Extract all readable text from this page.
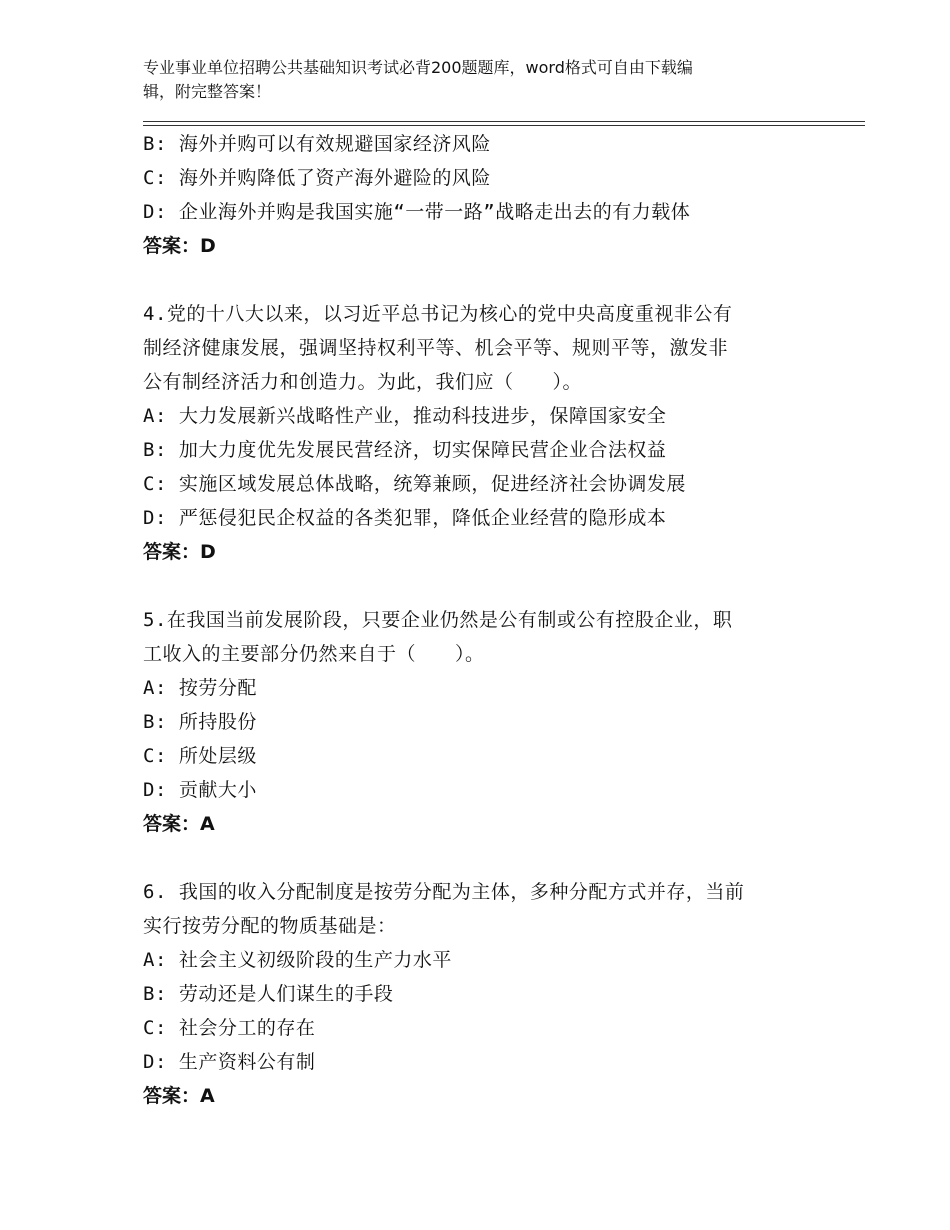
专业事业单位招聘公共基础知识考试必背200题题库，word格式可自由下载编
辑，附完整答案！
B: 海外并购可以有效规避国家经济风险
C: 海外并购降低了资产海外避险的风险
D: 企业海外并购是我国实施“一带一路”战略走出去的有力载体
答案：D
4.党的十八大以来，以习近平总书记为核心的党中央高度重视非公有
制经济健康发展，强调坚持权利平等、机会平等、规则平等，激发非
公有制经济活力和创造力。为此，我们应（　　）。
A: 大力发展新兴战略性产业，推动科技进步，保障国家安全
B: 加大力度优先发展民营经济，切实保障民营企业合法权益
C: 实施区域发展总体战略，统筹兼顾，促进经济社会协调发展
D: 严惩侵犯民企权益的各类犯罪，降低企业经营的隐形成本
答案：D
5.在我国当前发展阶段，只要企业仍然是公有制或公有控股企业，职
工收入的主要部分仍然来自于（　　）。
A: 按劳分配
B: 所持股份
C: 所处层级
D: 贡献大小
答案：A
6. 我国的收入分配制度是按劳分配为主体，多种分配方式并存，当前
实行按劳分配的物质基础是：
A: 社会主义初级阶段的生产力水平
B: 劳动还是人们谋生的手段
C: 社会分工的存在
D: 生产资料公有制
答案：A
